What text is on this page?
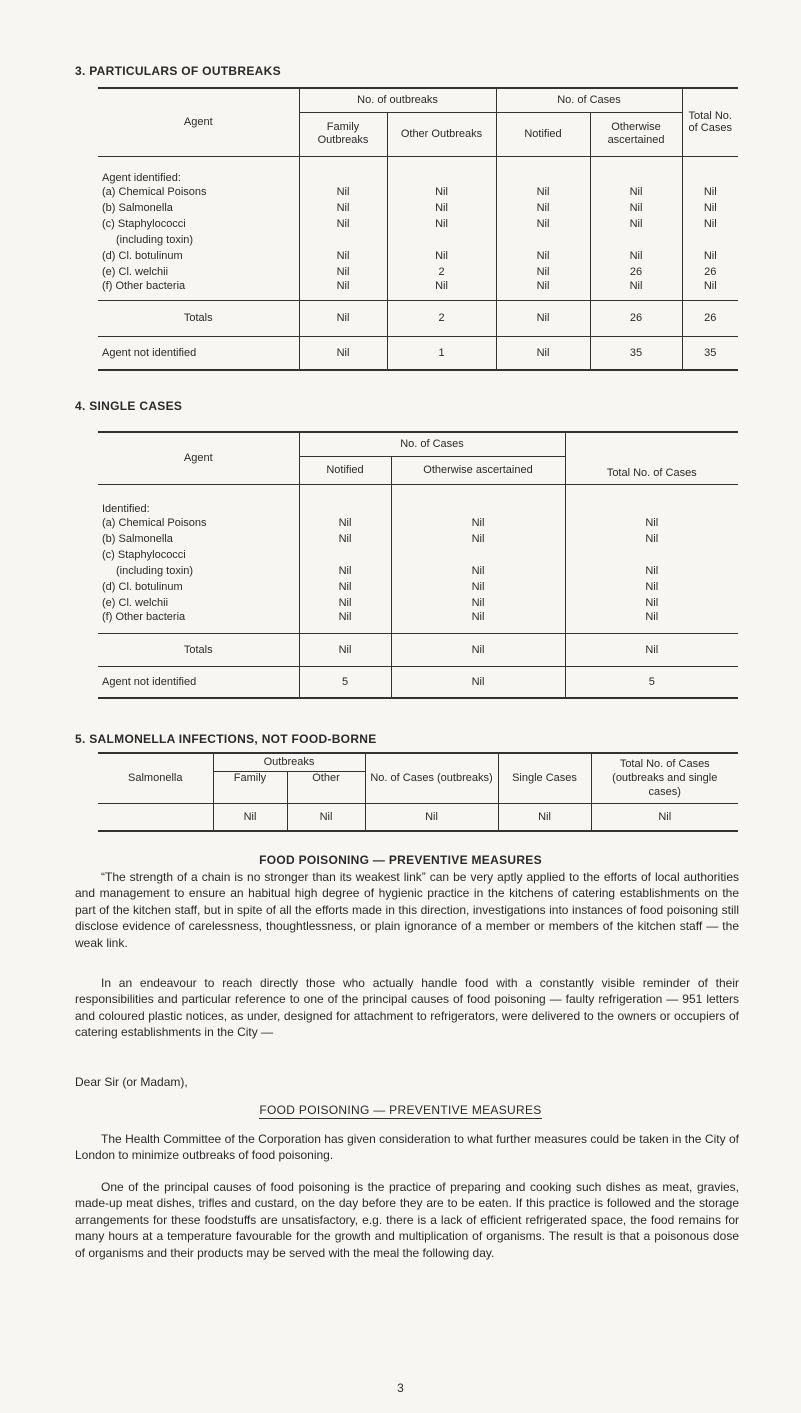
3. PARTICULARS OF OUTBREAKS
Agent	No. of outbreaks		No. of Cases		Total No. of Cases
	Family Outbreaks	Other Outbreaks	Notified	Otherwise ascertained	
Agent identified:					
(a) Chemical Poisons	Nil	Nil	Nil	Nil	Nil
(b) Salmonella	Nil	Nil	Nil	Nil	Nil
(c) Staphylococci	Nil	Nil	Nil	Nil	Nil
(including toxin)					
(d) Cl. botulinum	Nil	Nil	Nil	Nil	Nil
(e) Cl. welchii	Nil	2	Nil	26	26
(f) Other bacteria	Nil	Nil	Nil	Nil	Nil
Totals	Nil	2	Nil	26	26
Agent not identified	Nil	1	Nil	35	35
4. SINGLE CASES
Agent	No. of Cases		Total No. of Cases
	Notified	Otherwise ascertained	
Identified:			
(a) Chemical Poisons	Nil	Nil	Nil
(b) Salmonella	Nil	Nil	Nil
(c) Staphylococci			
(including toxin)	Nil	Nil	Nil
(d) Cl. botulinum	Nil	Nil	Nil
(e) Cl. welchii	Nil	Nil	Nil
(f) Other bacteria	Nil	Nil	Nil
Totals	Nil	Nil	Nil
Agent not identified	5	Nil	5
5. SALMONELLA INFECTIONS, NOT FOOD-BORNE
Salmonella	Outbreaks		No. of Cases (outbreaks)	Single Cases	Total No. of Cases (outbreaks and single cases)
	Family	Other			
	Nil	Nil	Nil	Nil	Nil
FOOD POISONING — PREVENTIVE MEASURES

“The strength of a chain is no stronger than its weakest link” can be very aptly applied to the efforts of local authorities and management to ensure an habitual high degree of hygienic practice in the kitchens of catering establishments on the part of the kitchen staff, but in spite of all the efforts made in this direction, investigations into instances of food poisoning still disclose evidence of carelessness, thoughtlessness, or plain ignorance of a member or members of the kitchen staff — the weak link.

In an endeavour to reach directly those who actually handle food with a constantly visible reminder of their responsibilities and particular reference to one of the principal causes of food poisoning — faulty refrigeration — 951 letters and coloured plastic notices, as under, designed for attachment to refrigerators, were delivered to the owners or occupiers of catering establishments in the City —

Dear Sir (or Madam),
FOOD POISONING — PREVENTIVE MEASURES

The Health Committee of the Corporation has given consideration to what further measures could be taken in the City of London to minimize outbreaks of food poisoning.

One of the principal causes of food poisoning is the practice of preparing and cooking such dishes as meat, gravies, made-up meat dishes, trifles and custard, on the day before they are to be eaten. If this practice is followed and the storage arrangements for these foodstuffs are unsatisfactory, e.g. there is a lack of efficient refrigerated space, the food remains for many hours at a temperature favourable for the growth and multiplication of organisms. The result is that a poisonous dose of organisms and their products may be served with the meal the following day.

3
